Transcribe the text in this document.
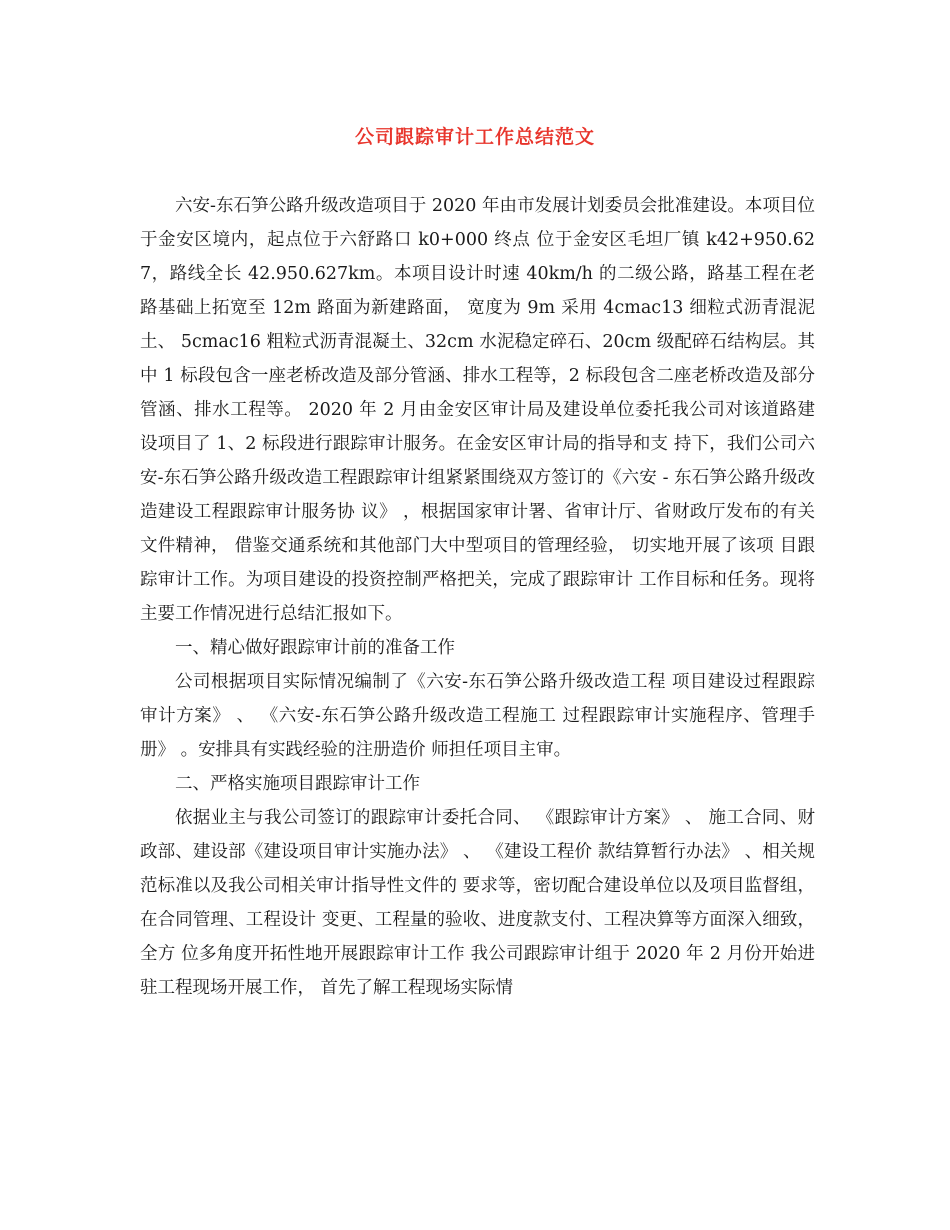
公司跟踪审计工作总结范文

六安-东石笋公路升级改造项目于 2020 年由市发展计划委员会批准建设。本项目位于金安区境内，起点位于六舒路口 k0+000 终点 位于金安区毛坦厂镇 k42+950.627，路线全长 42.950.627km。本项目设计时速 40km/h 的二级公路，路基工程在老路基础上拓宽至 12m 路面为新建路面， 宽度为 9m 采用 4cmac13 细粒式沥青混泥土、 5cmac16 粗粒式沥青混凝土、32cm 水泥稳定碎石、20cm 级配碎石结构层。其 中 1 标段包含一座老桥改造及部分管涵、排水工程等，2 标段包含二座老桥改造及部分管涵、排水工程等。 2020 年 2 月由金安区审计局及建设单位委托我公司对该道路建 设项目了 1、2 标段进行跟踪审计服务。在金安区审计局的指导和支 持下，我们公司六安-东石笋公路升级改造工程跟踪审计组紧紧围绕双方签订的《六安 - 东石笋公路升级改造建设工程跟踪审计服务协 议》 ，根据国家审计署、省审计厅、省财政厅发布的有关文件精神， 借鉴交通系统和其他部门大中型项目的管理经验， 切实地开展了该项 目跟踪审计工作。为项目建设的投资控制严格把关，完成了跟踪审计 工作目标和任务。现将主要工作情况进行总结汇报如下。

一、精心做好跟踪审计前的准备工作

公司根据项目实际情况编制了《六安-东石笋公路升级改造工程 项目建设过程跟踪审计方案》 、 《六安-东石笋公路升级改造工程施工 过程跟踪审计实施程序、管理手册》 。安排具有实践经验的注册造价 师担任项目主审。

二、严格实施项目跟踪审计工作

依据业主与我公司签订的跟踪审计委托合同、 《跟踪审计方案》 、 施工合同、财政部、建设部《建设项目审计实施办法》 、 《建设工程价 款结算暂行办法》 、相关规范标准以及我公司相关审计指导性文件的 要求等，密切配合建设单位以及项目监督组，在合同管理、工程设计 变更、工程量的验收、进度款支付、工程决算等方面深入细致，全方 位多角度开拓性地开展跟踪审计工作 我公司跟踪审计组于 2020 年 2 月份开始进驻工程现场开展工作， 首先了解工程现场实际情
